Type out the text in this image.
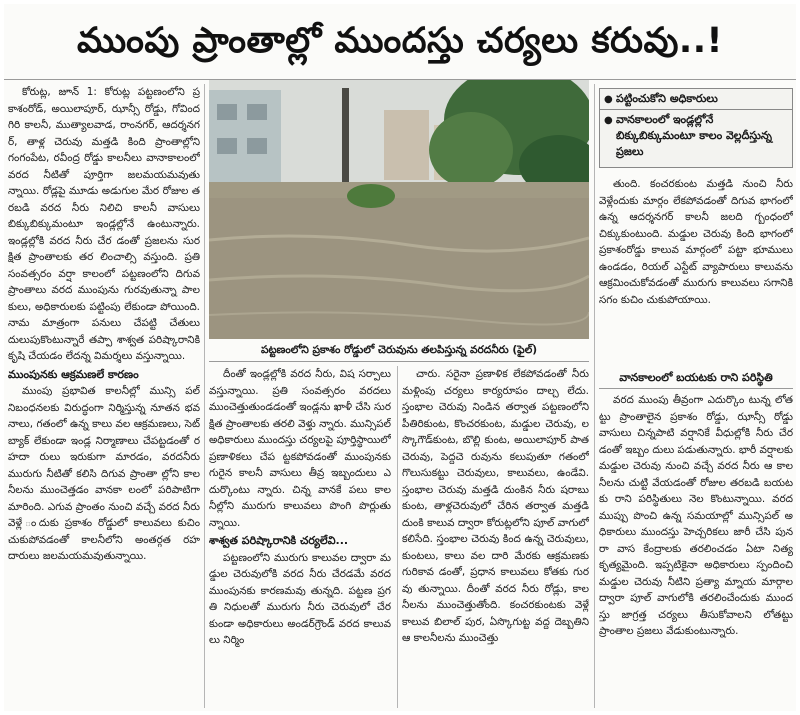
ముంపు ప్రాంతాల్లో ముందస్తు చర్యలు కరువు..!

కోరుట్ల, జూన్‌ 1: కోరుట్ల పట్టణంలోని ప్రకాశంరోడ్‌, అయిలాపూర్‌, ఝాన్సీ రోడ్డు, గోవిందగిరి కాలనీ, ముత్యాలవాడ, రాంనగర్‌, ఆదర్శనగర్‌, తాళ్ల చెరువు మత్తడి కింది ప్రాంతాల్లోని గంగంపేట, రవీంద్ర రోడ్డు కాలనీలు వానాకాలంలో వరద నీటితో పూర్తిగా జలమయమవుతు న్నాయి. రోడ్లపై మూడు అడుగుల మేర రోజుల తరబడి వరద నీరు నిలిచి కాలనీ వాసులు బిక్కుబిక్కుమంటూ ఇండ్లల్లోనే ఉంటున్నారు. ఇండ్లల్లోకి వరద నీరు చేర డంతో ప్రజలను సురక్షిత ప్రాంతాలకు తర లించాల్సి వస్తుంది. ప్రతి సంవత్సరం వర్షా కాలంలో పట్టణంలోని దిగువ ప్రాంతాలు వరద ముంపును గురవుతున్నా పాల కులు, అధికారులకు పట్టింపు లేకుండా పోయింది. నామ మాత్రంగా పనులు చేపట్టి చేతులు దులుపుకొంటున్నారే తప్పా శాశ్వత పరిష్కారానికి కృషి చేయడం లేదన్న విమర్శలు వస్తున్నాయి.

ముంపునకు ఆక్రమణలే కారణం

ముంపు ప్రభావిత కాలనీల్లో మున్సి పల్‌ నిబంధనలకు విరుద్ధంగా నిర్మిస్తున్న నూతన భవనాలు, గతంలో ఉన్న కాలు వల ఆక్రమణలు, సెట్‌ బ్యాక్‌ లేకుండా ఇండ్ల నిర్మాణాలు చేపట్టడంతో రహదా రులు ఇరుకుగా మారడం, వరదనీరు మురుగు నీటితో కలిసి దిగువ ప్రాంతా ల్లోని కాలనీలను ముంచెత్తడం వానకా లంలో పరిపాటిగా మారింది. ఎగువ ప్రాంతం నుంచి వచ్చే వరద నీరు వెళ్లే ందుకు ప్రకాశం రోడ్డులో కాలువలు కుచిం చుకుపోవడంతో కాలనీలోని అంతర్గత రహదారులు జలమయమవుతున్నాయి.

పట్టణంలోని ప్రకాశం రోడ్డులో చెరువును తలపిస్తున్న వరదనీరు (ఫైల్)

దీంతో ఇండ్లల్లోకి వరద నీరు, విష సర్పాలు వస్తున్నాయి. ప్రతి సంవత్సరం వరదలు ముంచెత్తుతుండడంతో ఇండ్లను ఖాళీ చేసి సురక్షిత ప్రాంతాలకు తరలి వెళ్తు న్నారు. మున్సిపల్‌ అధికారులు ముందస్తు చర్యలపై పూర్తిస్థాయిలో ప్రణాళికలు చేప ట్టకపోవడంతో ముంపునకు గురైన కాలనీ వాసులు తీవ్ర ఇబ్బందులు ఎదుర్కొంటు న్నారు. చిన్న వానకే పలు కాలనీల్లోని మురుగు కాలువలు పొంగి పొర్లుతు న్నాయి.

శాశ్వత పరిష్కారానికి చర్యలేవి...

పట్టణంలోని మురుగు కాలువల ద్వారా మడ్డుల చెరువులోకి వరద నీరు చేరడమే వరద ముంపునకు కారణమవు తున్నది. పట్టణ ప్రగతి నిధులతో మురుగు నీరు చెరువులో చేరకుండా అధికారులు అండర్‌గ్రౌండ్‌ వరద కాలువలు నిర్మిం

చారు. సరైనా ప్రణాళిక లేకపోవడంతో నీరు మళ్లింపు చర్యలు కార్యరూపం దాల్చ లేదు. స్తంభాల చెరువు నిండిన తర్వాత పట్టణంలోని పీతిరికుంట, కొంచరకుంట, మడ్డుల చెరువు, లస్కొగౌడ్‌కుంట, బొల్లి కుంట, అయిలాపూర్‌ పాతచెరువు, పెద్దచె రువును కలుపుతూ గతంలో గొలుసుకట్టు చెరువులు, కాలువలు, ఉండేవి. స్తంభాల చెరువు మత్తడి దుంకిన నీరు షరాబు కుంట, తాళ్లచెరువులో చేరిన తర్వాత మత్తడి దుంకి కాలువ ద్వారా కోరుట్లలోని పూల్‌ వాగులో కలిసేది. స్తంభాల చెరువు కింద ఉన్న చెరువులు, కుంటలు, కాలు వల దారి మేరకు ఆక్రమణకు గురికావ డంతో, ప్రధాన కాలువలు కోతకు గురవు తున్నాయి. దీంతో వరద నీరు రోడ్లు, కాల నీలను ముంచెత్తుతోంది. కంచరకుంటకు వెళ్లే కాలువ బిలాల్‌ పుర, ఏస్కొగుట్ట వద్ద దెబ్బతిని ఆ కాలనీలను ముంచెత్తు

● పట్టించుకోని అధికారులు
● వానకాలంలో ఇండ్లల్లోనే బిక్కుబిక్కుమంటూ కాలం వెల్లదీస్తున్న ప్రజలు

తుంది. కంచరకుంట మత్తడి నుంచి నీరు వెళ్లేందుకు మార్గం లేకపోవడంతో దిగువ భాగంలో ఉన్న ఆదర్శనగర్‌ కాలనీ జలది గ్బంధంలో చిక్కుకుంటుంది. మడ్డుల చెరువు కింది భాగంలో ప్రకాశంరోడ్డు కాలువ మార్గంలో పట్టా భూములు ఉండడం, రియల్‌ ఎస్టేట్‌ వ్యాపారులు కాలువను ఆక్రమించుకోవడంతో మురుగు కాలువలు సగానికి సగం కుచిం చుకుపోయాయి.

వానకాలంలో బయటకు రాని పరిస్థితి

వరద ముంపు తీవ్రంగా ఎదుర్కొం టున్న లోతట్టు ప్రాంతాలైన ప్రకాశం రోడ్డు, ఝాన్సీ రోడ్డు వాసులు చిన్నపాటి వర్షానికే వీధుల్లోకి నీరు చేరడంతో ఇబ్బం దులు పడుతున్నారు. భారీ వర్షాలకు మడ్డుల చెరువు నుంచి వచ్చే వరద నీరు ఆ కాలనీలను చుట్టి వేయడంతో రోజుల తరబడి బయటకు రాని పరిస్థితులు నెల కొంటున్నాయి. వరద ముప్పు పొంచి ఉన్న సమయాల్లో మున్సిపల్‌ అధికారులు ముందస్తు హెచ్చరికలు జారీ చేసి పునరా వాస కేంద్రాలకు తరలించడం ఏటా నిత్య కృత్యమైంది. ఇప్పటికైనా అధికారులు స్పందించి మడ్డుల చెరువు నీటిని ప్రత్యా మ్నాయ మార్గాల ద్వారా పూల్‌ వాగులోకి తరలించేందుకు ముందస్తు జాగ్రత్త చర్యలు తీసుకోవాలని లోతట్టు ప్రాంతాల ప్రజలు వేడుకుంటున్నారు.
